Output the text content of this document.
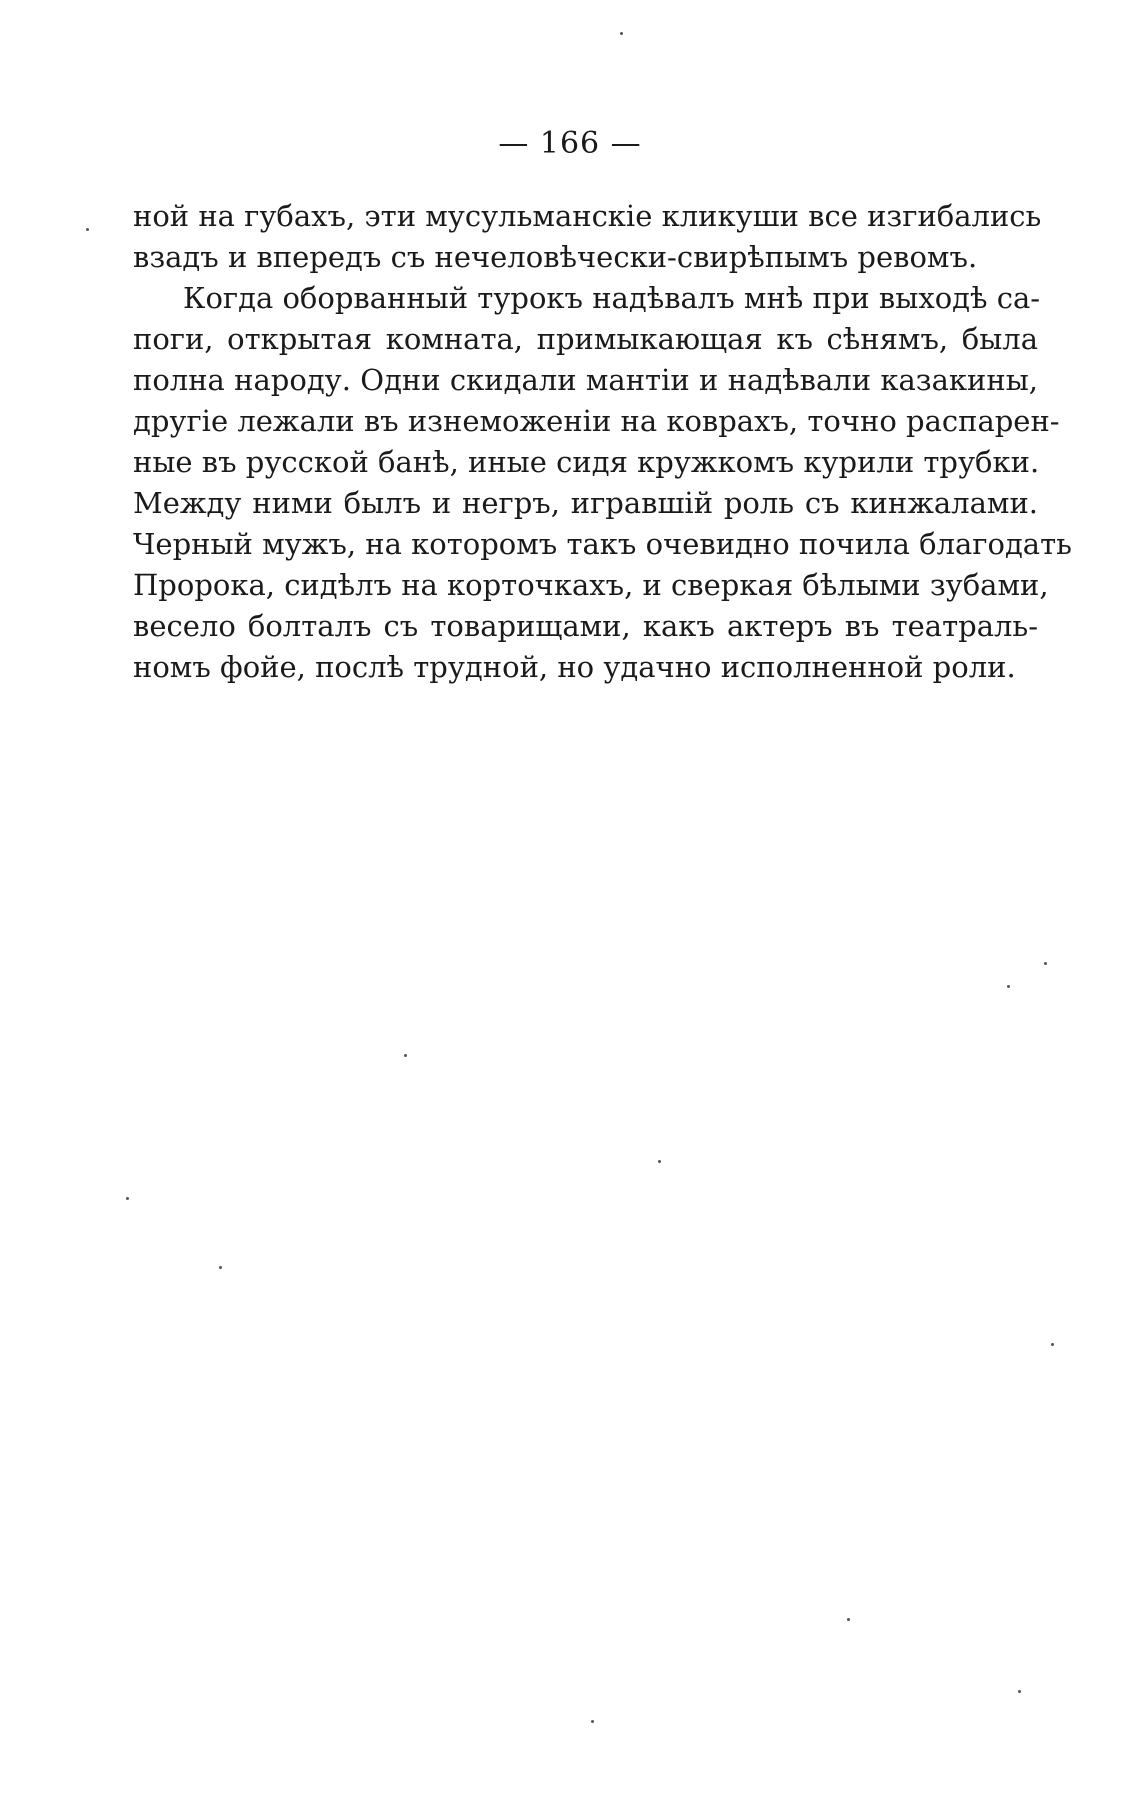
— 166 —
ной на губахъ, эти мусульманскіе кликуши все изгибались
взадъ и впередъ съ нечеловѣчески-свирѣпымъ ревомъ.
Когда оборванный турокъ надѣвалъ мнѣ при выходѣ са-
поги, открытая комната, примыкающая къ сѣнямъ, была
полна народу. Одни скидали мантіи и надѣвали казакины,
другіе лежали въ изнеможеніи на коврахъ, точно распарен-
ные въ русской банѣ, иные сидя кружкомъ курили трубки.
Между ними былъ и негръ, игравшій роль съ кинжалами.
Черный мужъ, на которомъ такъ очевидно почила благодать
Пророка, сидѣлъ на корточкахъ, и сверкая бѣлыми зубами,
весело болталъ съ товарищами, какъ актеръ въ театраль-
номъ фойе, послѣ трудной, но удачно исполненной роли.
